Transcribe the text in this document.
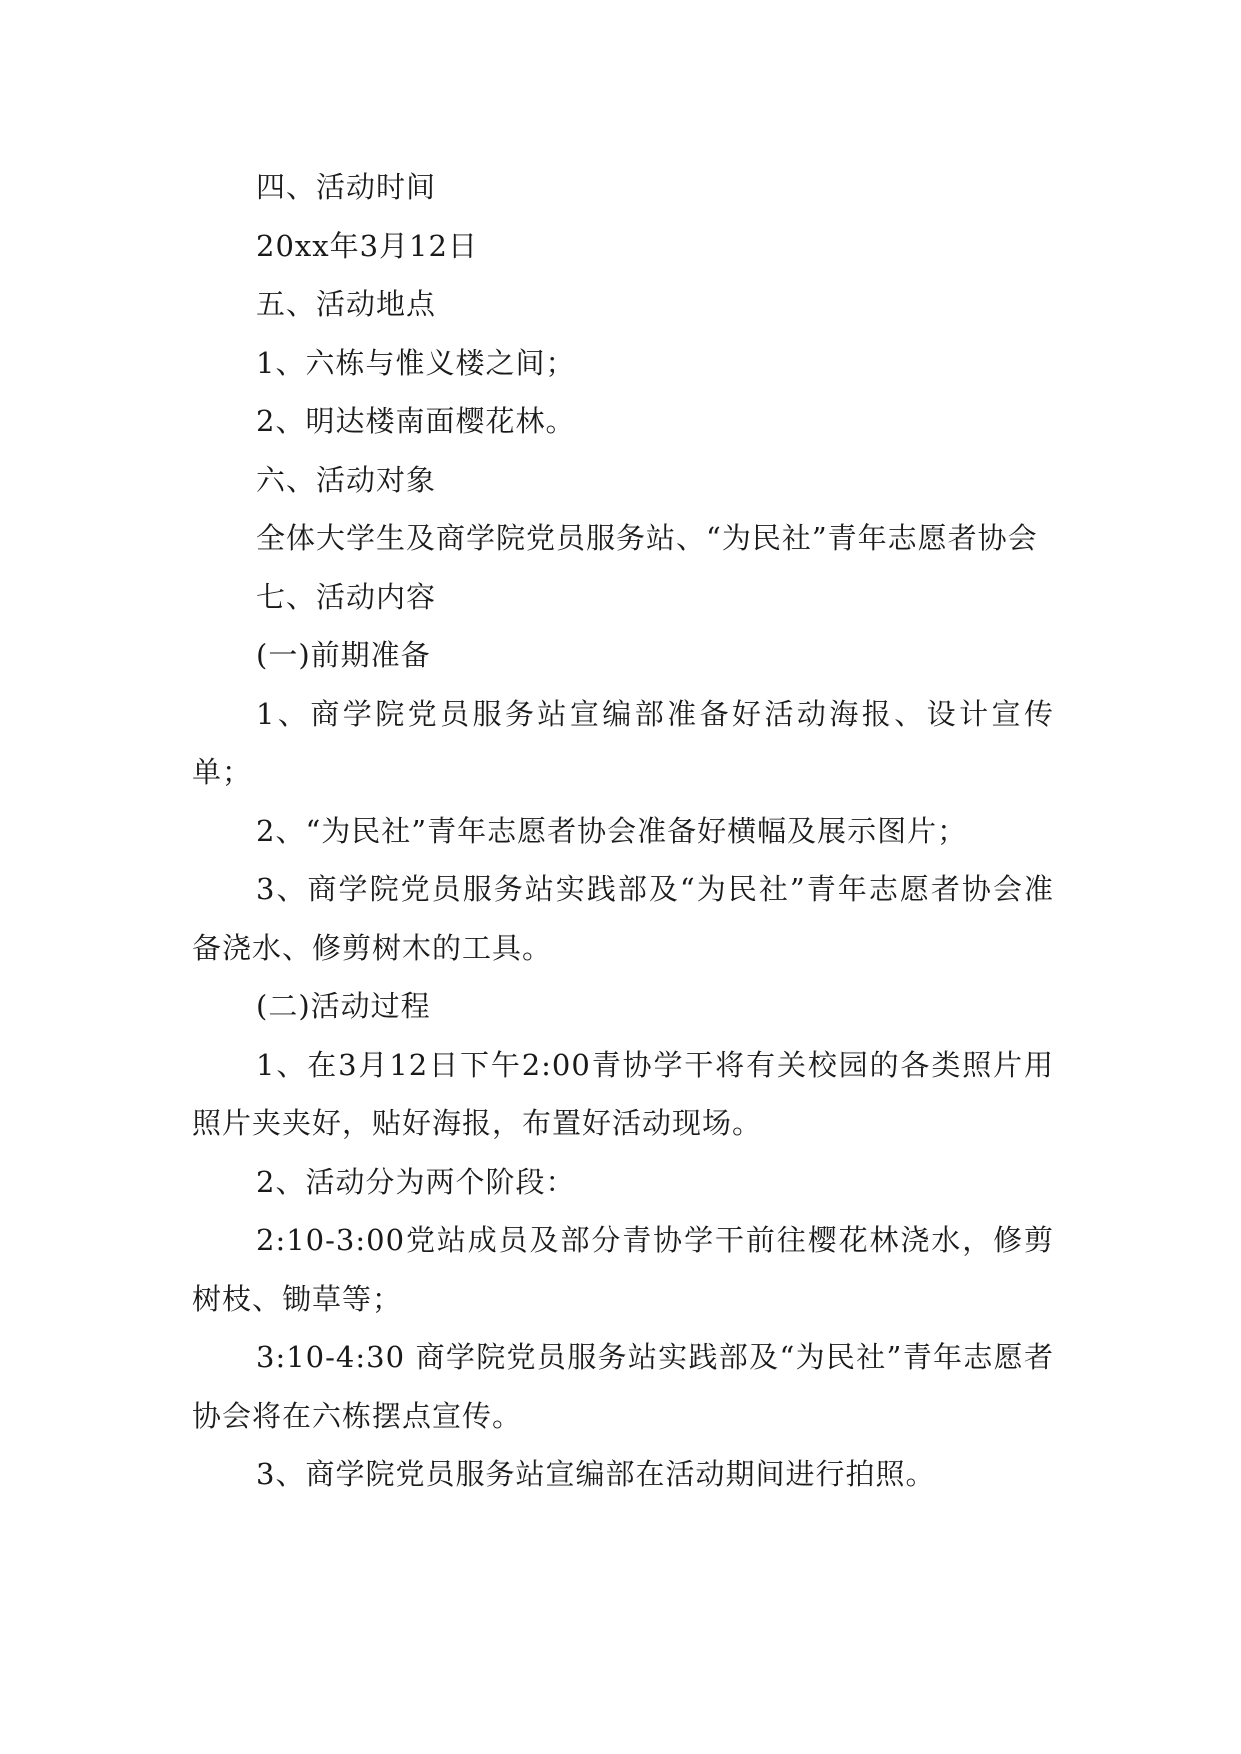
四、活动时间

20xx年3月12日

五、活动地点

1、六栋与惟义楼之间；

2、明达楼南面樱花林。

六、活动对象

全体大学生及商学院党员服务站、“为民社”青年志愿者协会

七、活动内容

(一)前期准备

1、商学院党员服务站宣编部准备好活动海报、设计宣传单；

2、“为民社”青年志愿者协会准备好横幅及展示图片；

3、商学院党员服务站实践部及“为民社”青年志愿者协会准备浇水、修剪树木的工具。

(二)活动过程

1、在3月12日下午2:00青协学干将有关校园的各类照片用照片夹夹好，贴好海报，布置好活动现场。

2、活动分为两个阶段：

2:10-3:00党站成员及部分青协学干前往樱花林浇水，修剪树枝、锄草等；

3:10-4:30 商学院党员服务站实践部及“为民社”青年志愿者协会将在六栋摆点宣传。

3、商学院党员服务站宣编部在活动期间进行拍照。
